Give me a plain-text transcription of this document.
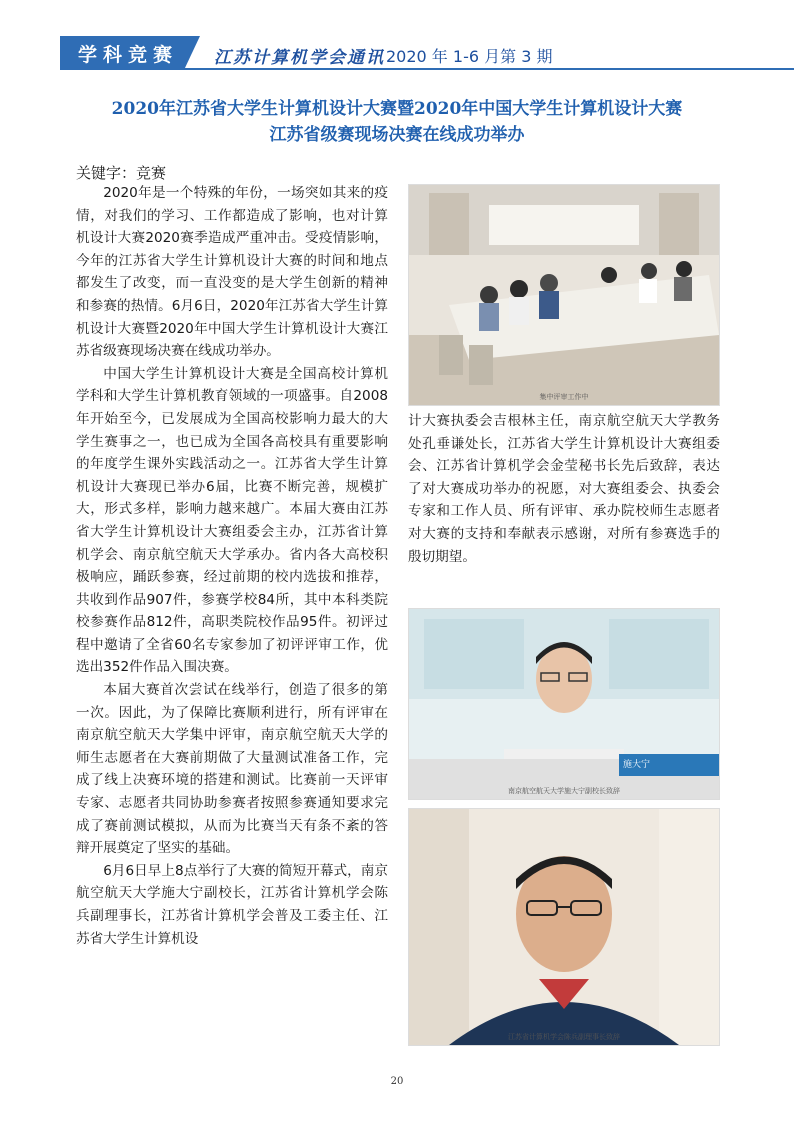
学科竞赛 江苏计算机学会通讯 2020 年 1-6 月第 3 期
2020年江苏省大学生计算机设计大赛暨2020年中国大学生计算机设计大赛
江苏省级赛现场决赛在线成功举办
关键字：竞赛

2020年是一个特殊的年份，一场突如其来的疫情，对我们的学习、工作都造成了影响，也对计算机设计大赛2020赛季造成严重冲击。受疫情影响，今年的江苏省大学生计算机设计大赛的时间和地点都发生了改变，而一直没变的是大学生创新的精神和参赛的热情。6月6日，2020年江苏省大学生计算机设计大赛暨2020年中国大学生计算机设计大赛江苏省级赛现场决赛在线成功举办。

中国大学生计算机设计大赛是全国高校计算机学科和大学生计算机教育领域的一项盛事。自2008年开始至今，已发展成为全国高校影响力最大的大学生赛事之一，也已成为全国各高校具有重要影响的年度学生课外实践活动之一。江苏省大学生计算机设计大赛现已举办6届，比赛不断完善，规模扩大，形式多样，影响力越来越广。本届大赛由江苏省大学生计算机设计大赛组委会主办，江苏省计算机学会、南京航空航天大学承办。省内各大高校积极响应，踊跃参赛，经过前期的校内选拔和推荐，共收到作品907件，参赛学校84所，其中本科类院校参赛作品812件，高职类院校作品95件。初评过程中邀请了全省60名专家参加了初评评审工作，优选出352件作品入围决赛。

本届大赛首次尝试在线举行，创造了很多的第一次。因此，为了保障比赛顺利进行，所有评审在南京航空航天大学集中评审，南京航空航天大学的师生志愿者在大赛前期做了大量测试准备工作，完成了线上决赛环境的搭建和测试。比赛前一天评审专家、志愿者共同协助参赛者按照参赛通知要求完成了赛前测试模拟，从而为比赛当天有条不紊的答辩开展奠定了坚实的基础。

6月6日早上8点举行了大赛的简短开幕式，南京航空航天大学施大宁副校长，江苏省计算机学会陈兵副理事长，江苏省计算机学会普及工委主任、江苏省大学生计算机设

集中评审工作中

计大赛执委会吉根林主任，南京航空航天大学教务处孔垂谦处长，江苏省大学生计算机设计大赛组委会、江苏省计算机学会金莹秘书长先后致辞，表达了对大赛成功举办的祝愿，对大赛组委会、执委会专家和工作人员、所有评审、承办院校师生志愿者对大赛的支持和奉献表示感谢，对所有参赛选手的殷切期望。

施大宁
南京航空航天大学施大宁副校长致辞
江苏省计算机学会陈兵副理事长致辞
20
